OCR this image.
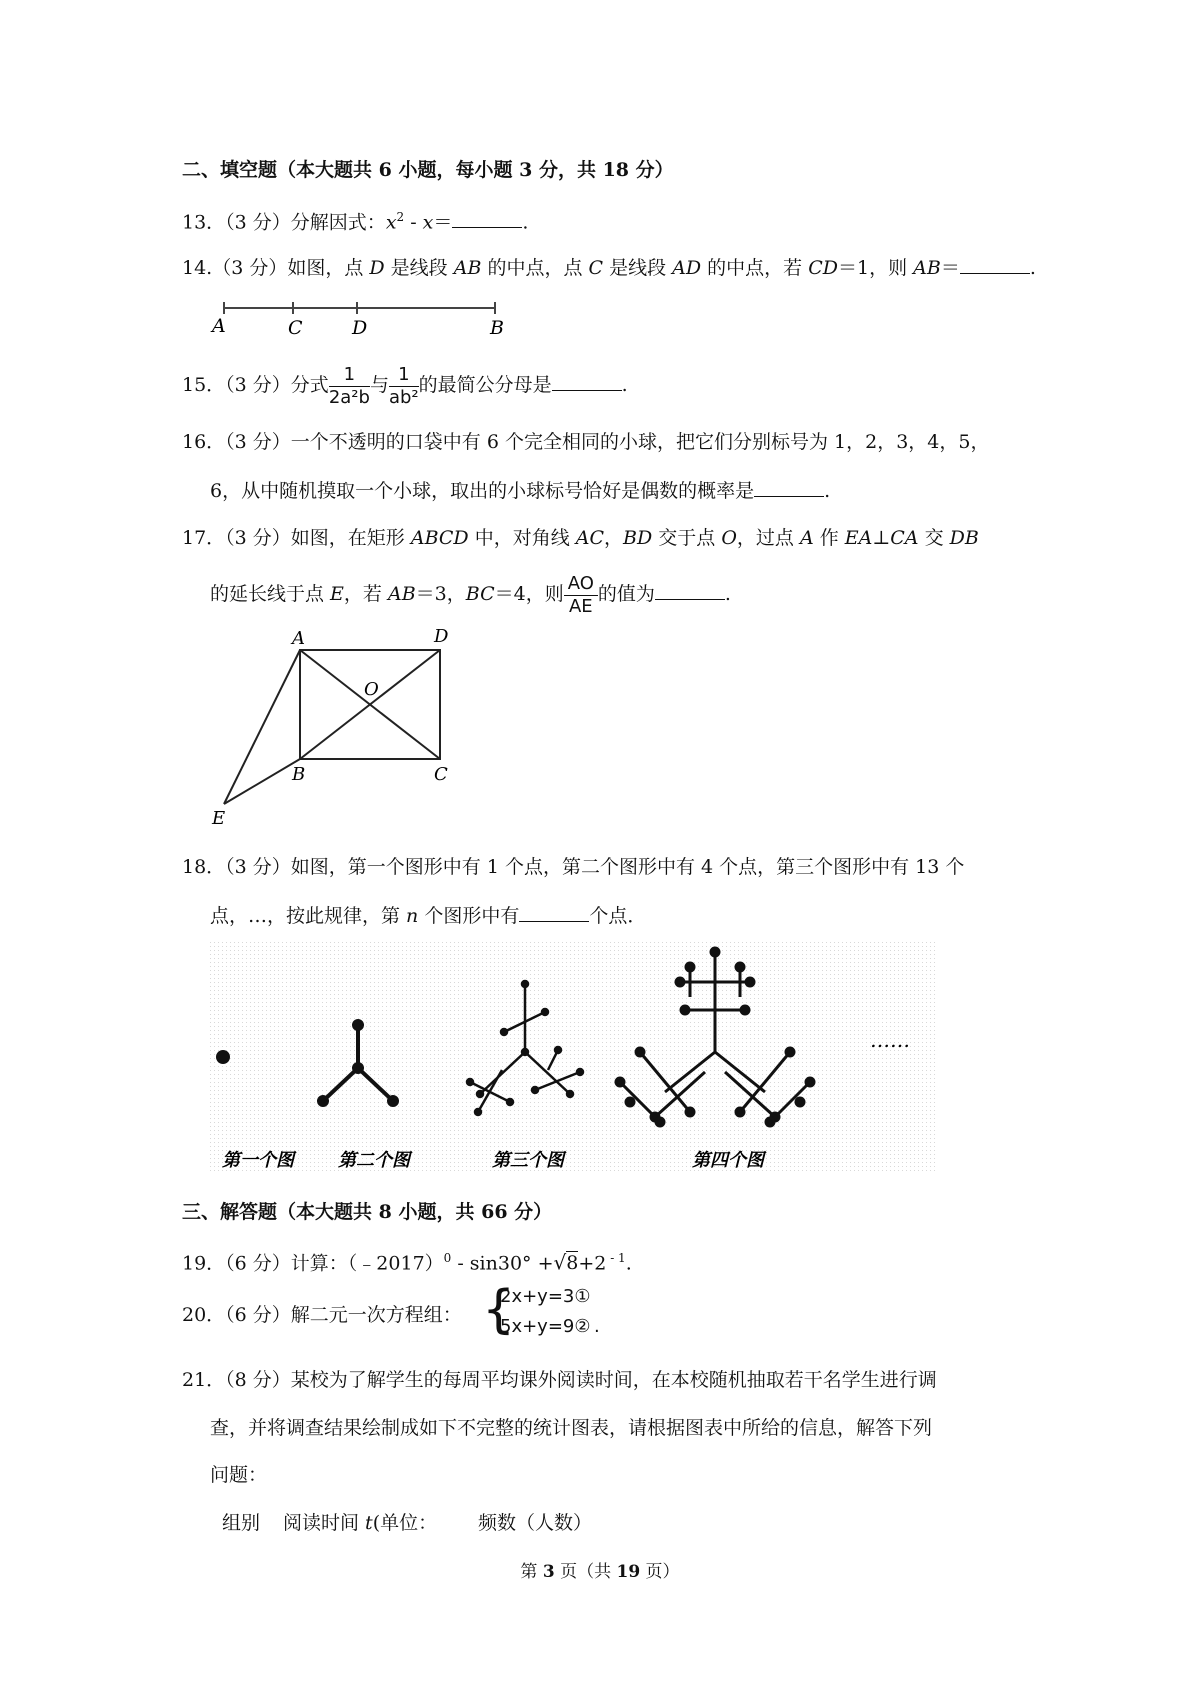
二、填空题（本大题共 6 小题，每小题 3 分，共 18 分）
13．（3 分）分解因式：$x^2 - x=$	.
14.（3 分）如图，点 D 是线段 AB 的中点，点 C 是线段 AD 的中点，若 CD＝1，则 AB＝	.
A	C	D	B
15．（3 分）分式 $\frac{1}{\text{2a²b}}$ 与 $\frac{1}{\text{ab²}}$ 的最简公分母是	.
16．（3 分）一个不透明的口袋中有 6 个完全相同的小球，把它们分别标号为 1，2，3，4，5，
6，从中随机摸取一个小球，取出的小球标号恰好是偶数的概率是	.
17．（3 分）如图，在矩形 ABCD 中，对角线 AC，BD 交于点 O，过点 A 作 EA⊥CA 交 DB
的延长线于点 E，若 AB＝3，BC＝4，则 $\frac{AO}{AE}$ 的值为	.
A	D
O
B	C
E
18．（3 分）如图，第一个图形中有 1 个点，第二个图形中有 4 个点，第三个图形中有 13 个
点，…，按此规律，第 n 个图形中有	个点．
……
第一个图 第二个图	第三个图	第四个图
三、解答题（本大题共 8 小题，共 66 分）
19．（6 分）计算：（﹣2017）$^0$ - sin30° +√8+2 $^{- 1}$.
20．（6 分）解二元一次方程组： {
2x+y=3①
5x+y=9② .
21．（8 分）某校为了解学生的每周平均课外阅读时间，在本校随机抽取若干名学生进行调
查，并将调查结果绘制成如下不完整的统计图表，请根据图表中所给的信息，解答下列
问题：
组别 阅读时间 t(单位： 频数（人数）
第 3 页（共 19 页）
